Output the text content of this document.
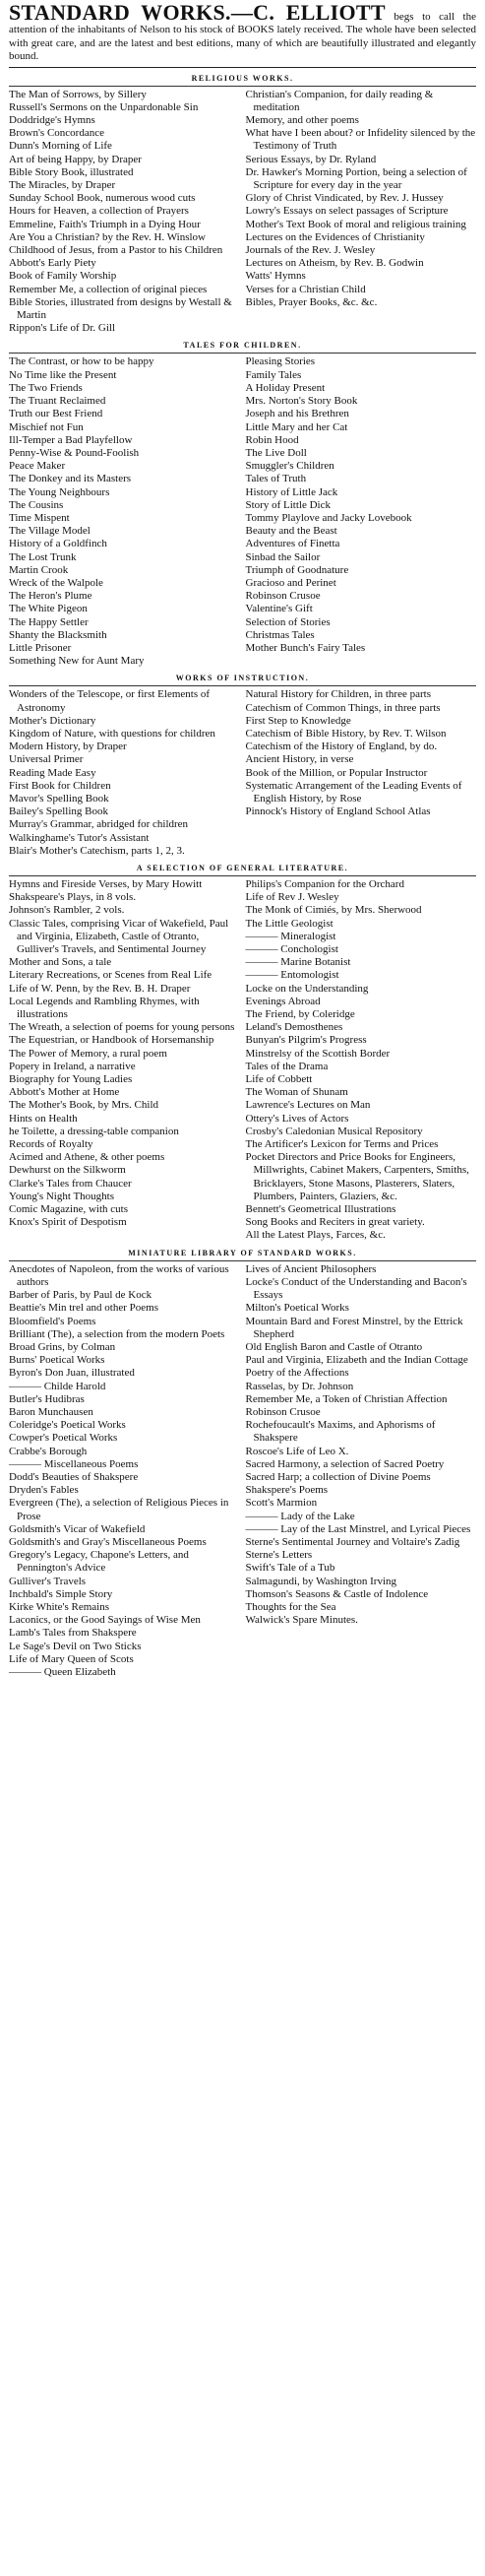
STANDARD WORKS.—C. ELLIOTT begs to call the attention of the inhabitants of Nelson to his stock of BOOKS lately received. The whole have been selected with great care, and are the latest and best editions, many of which are beautifully illustrated and elegantly bound.
RELIGIOUS WORKS.

The Man of Sorrows, by Sillery

Russell's Sermons on the Unpardonable Sin

Doddridge's Hymns

Brown's Concordance

Dunn's Morning of Life

Art of being Happy, by Draper

Bible Story Book, illustrated

The Miracles, by Draper

Sunday School Book, numerous wood cuts

Hours for Heaven, a collection of Prayers

Emmeline, Faith's Triumph in a Dying Hour

Are You a Christian? by the Rev. H. Winslow

Childhood of Jesus, from a Pastor to his Children

Abbott's Early Piety

Book of Family Worship

Remember Me, a collection of original pieces

Bible Stories, illustrated from designs by Westall & Martin

Rippon's Life of Dr. Gill

Christian's Companion, for daily reading & meditation

Memory, and other poems

What have I been about? or Infidelity silenced by the Testimony of Truth

Serious Essays, by Dr. Ryland

Dr. Hawker's Morning Portion, being a selection of Scripture for every day in the year

Glory of Christ Vindicated, by Rev. J. Hussey

Lowry's Essays on select passages of Scripture

Mother's Text Book of moral and religious training

Lectures on the Evidences of Christianity

Journals of the Rev. J. Wesley

Lectures on Atheism, by Rev. B. Godwin

Watts' Hymns

Verses for a Christian Child

Bibles, Prayer Books, &c. &c.

TALES FOR CHILDREN.

The Contrast, or how to be happy

No Time like the Present

The Two Friends

The Truant Reclaimed

Truth our Best Friend

Mischief not Fun

Ill-Temper a Bad Playfellow

Penny-Wise & Pound-Foolish

Peace Maker

The Donkey and its Masters

The Young Neighbours

The Cousins

Time Mispent

The Village Model

History of a Goldfinch

The Lost Trunk

Martin Crook

Wreck of the Walpole

The Heron's Plume

The White Pigeon

The Happy Settler

Shanty the Blacksmith

Little Prisoner

Something New for Aunt Mary

Pleasing Stories

Family Tales

A Holiday Present

Mrs. Norton's Story Book

Joseph and his Brethren

Little Mary and her Cat

Robin Hood

The Live Doll

Smuggler's Children

Tales of Truth

History of Little Jack

Story of Little Dick

Tommy Playlove and Jacky Lovebook

Beauty and the Beast

Adventures of Finetta

Sinbad the Sailor

Triumph of Goodnature

Gracioso and Perinet

Robinson Crusoe

Valentine's Gift

Selection of Stories

Christmas Tales

Mother Bunch's Fairy Tales

WORKS OF INSTRUCTION.

Wonders of the Telescope, or first Elements of Astronomy

Mother's Dictionary

Kingdom of Nature, with questions for children

Modern History, by Draper

Universal Primer

Reading Made Easy

First Book for Children

Mavor's Spelling Book

Bailey's Spelling Book

Murray's Grammar, abridged for children

Walkinghame's Tutor's Assistant

Blair's Mother's Catechism, parts 1, 2, 3.

Natural History for Children, in three parts

Catechism of Common Things, in three parts

First Step to Knowledge

Catechism of Bible History, by Rev. T. Wilson

Catechism of the History of England, by do.

Ancient History, in verse

Book of the Million, or Popular Instructor

Systematic Arrangement of the Leading Events of English History, by Rose

Pinnock's History of England School Atlas

A SELECTION OF GENERAL LITERATURE.

Hymns and Fireside Verses, by Mary Howitt

Shakspeare's Plays, in 8 vols.

Johnson's Rambler, 2 vols.

Classic Tales, comprising Vicar of Wakefield, Paul and Virginia, Elizabeth, Castle of Otranto, Gulliver's Travels, and Sentimental Journey

Mother and Sons, a tale

Literary Recreations, or Scenes from Real Life

Life of W. Penn, by the Rev. B. H. Draper

Local Legends and Rambling Rhymes, with illustrations

The Wreath, a selection of poems for young persons

The Equestrian, or Handbook of Horsemanship

The Power of Memory, a rural poem

Popery in Ireland, a narrative

Biography for Young Ladies

Abbott's Mother at Home

The Mother's Book, by Mrs. Child

Hints on Health

he Toilette, a dressing-table companion

Records of Royalty

Acimed and Athene, & other poems

Dewhurst on the Silkworm

Clarke's Tales from Chaucer

Young's Night Thoughts

Comic Magazine, with cuts

Knox's Spirit of Despotism

Philips's Companion for the Orchard

Life of Rev J. Wesley

The Monk of Cimiés, by Mrs. Sherwood

The Little Geologist

——— Mineralogist

——— Conchologist

——— Marine Botanist

——— Entomologist

Locke on the Understanding

Evenings Abroad

The Friend, by Coleridge

Leland's Demosthenes

Bunyan's Pilgrim's Progress

Minstrelsy of the Scottish Border

Tales of the Drama

Life of Cobbett

The Woman of Shunam

Lawrence's Lectures on Man

Ottery's Lives of Actors

Crosby's Caledonian Musical Repository

The Artificer's Lexicon for Terms and Prices

Pocket Directors and Price Books for Engineers, Millwrights, Cabinet Makers, Carpenters, Smiths, Bricklayers, Stone Masons, Plasterers, Slaters, Plumbers, Painters, Glaziers, &c.

Bennett's Geometrical Illustrations

Song Books and Reciters in great variety.

All the Latest Plays, Farces, &c.

MINIATURE LIBRARY OF STANDARD WORKS.

Anecdotes of Napoleon, from the works of various authors

Barber of Paris, by Paul de Kock

Beattie's Min trel and other Poems

Bloomfield's Poems

Brilliant (The), a selection from the modern Poets

Broad Grins, by Colman

Burns' Poetical Works

Byron's Don Juan, illustrated

——— Childe Harold

Butler's Hudibras

Baron Munchausen

Coleridge's Poetical Works

Cowper's Poetical Works

Crabbe's Borough

——— Miscellaneous Poems

Dodd's Beauties of Shakspere

Dryden's Fables

Evergreen (The), a selection of Religious Pieces in Prose

Goldsmith's Vicar of Wakefield

Goldsmith's and Gray's Miscellaneous Poems

Gregory's Legacy, Chapone's Letters, and Pennington's Advice

Gulliver's Travels

Inchbald's Simple Story

Kirke White's Remains

Laconics, or the Good Sayings of Wise Men

Lamb's Tales from Shakspere

Le Sage's Devil on Two Sticks

Life of Mary Queen of Scots

——— Queen Elizabeth

Lives of Ancient Philosophers

Locke's Conduct of the Understanding and Bacon's Essays

Milton's Poetical Works

Mountain Bard and Forest Minstrel, by the Ettrick Shepherd

Old English Baron and Castle of Otranto

Paul and Virginia, Elizabeth and the Indian Cottage

Poetry of the Affections

Rasselas, by Dr. Johnson

Remember Me, a Token of Christian Affection

Robinson Crusoe

Rochefoucault's Maxims, and Aphorisms of Shakspere

Roscoe's Life of Leo X.

Sacred Harmony, a selection of Sacred Poetry

Sacred Harp; a collection of Divine Poems

Shakspere's Poems

Scott's Marmion

——— Lady of the Lake

——— Lay of the Last Minstrel, and Lyrical Pieces

Sterne's Sentimental Journey and Voltaire's Zadig

Sterne's Letters

Swift's Tale of a Tub

Salmagundi, by Washington Irving

Thomson's Seasons & Castle of Indolence

Thoughts for the Sea

Walwick's Spare Minutes.
